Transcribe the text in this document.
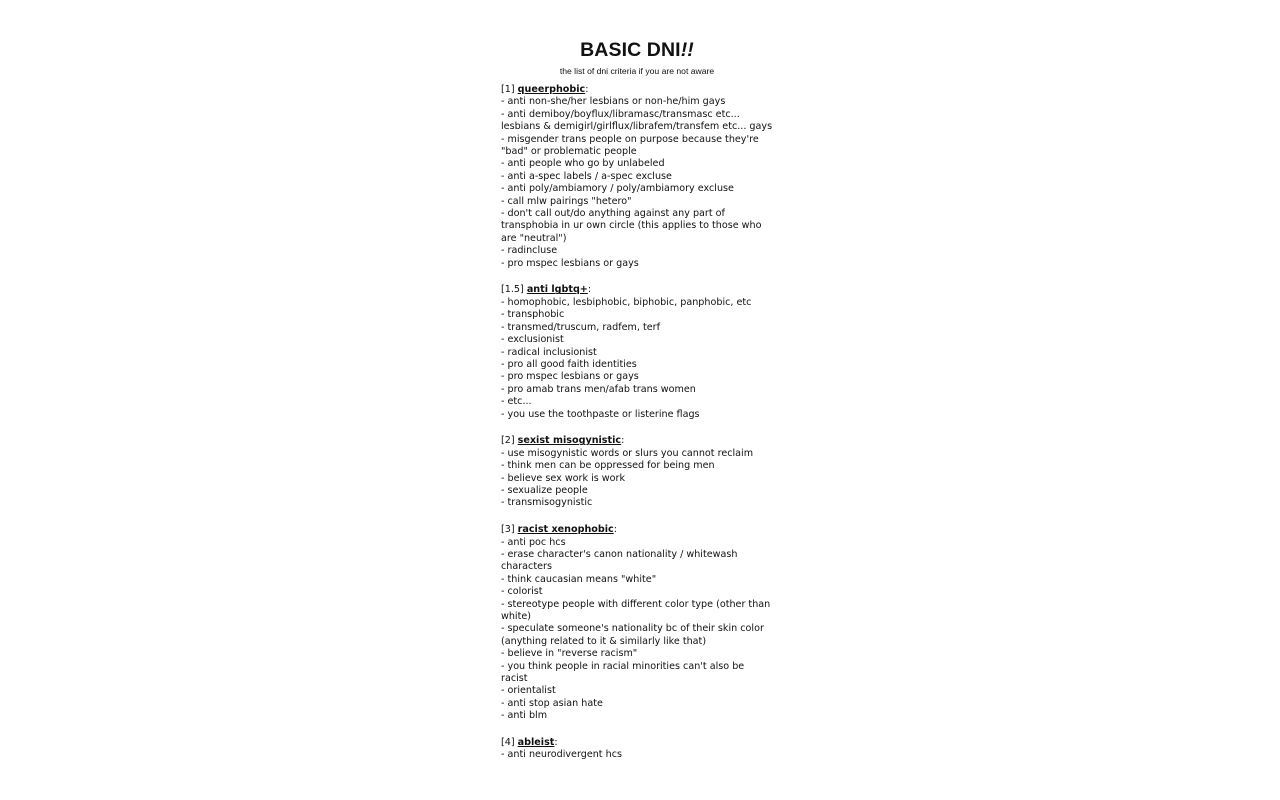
BASIC DNI!!
the list of dni criteria if you are not aware
[1] queerphobic:
- anti non-she/her lesbians or non-he/him gays
- anti demiboy/boyflux/libramasc/transmasc etc... lesbians & demigirl/girlflux/librafem/transfem etc... gays
- misgender trans people on purpose because they're "bad" or problematic people
- anti people who go by unlabeled
- anti a-spec labels / a-spec excluse
- anti poly/ambiamory / poly/ambiamory excluse
- call mlw pairings "hetero"
- don't call out/do anything against any part of transphobia in ur own circle (this applies to those who are "neutral")
- radincluse
- pro mspec lesbians or gays
[1.5] anti lgbtq+:
- homophobic, lesbiphobic, biphobic, panphobic, etc
- transphobic
- transmed/truscum, radfem, terf
- exclusionist
- radical inclusionist
- pro all good faith identities
- pro mspec lesbians or gays
- pro amab trans men/afab trans women
- etc...
- you use the toothpaste or listerine flags
[2] sexist misogynistic:
- use misogynistic words or slurs you cannot reclaim
- think men can be oppressed for being men
- believe sex work is work
- sexualize people
- transmisogynistic
[3] racist xenophobic:
- anti poc hcs
- erase character's canon nationality / whitewash characters
- think caucasian means "white"
- colorist
- stereotype people with different color type (other than white)
- speculate someone's nationality bc of their skin color (anything related to it & similarly like that)
- believe in "reverse racism"
- you think people in racial minorities can't also be racist
- orientalist
- anti stop asian hate
- anti blm
[4] ableist:
- anti neurodivergent hcs
